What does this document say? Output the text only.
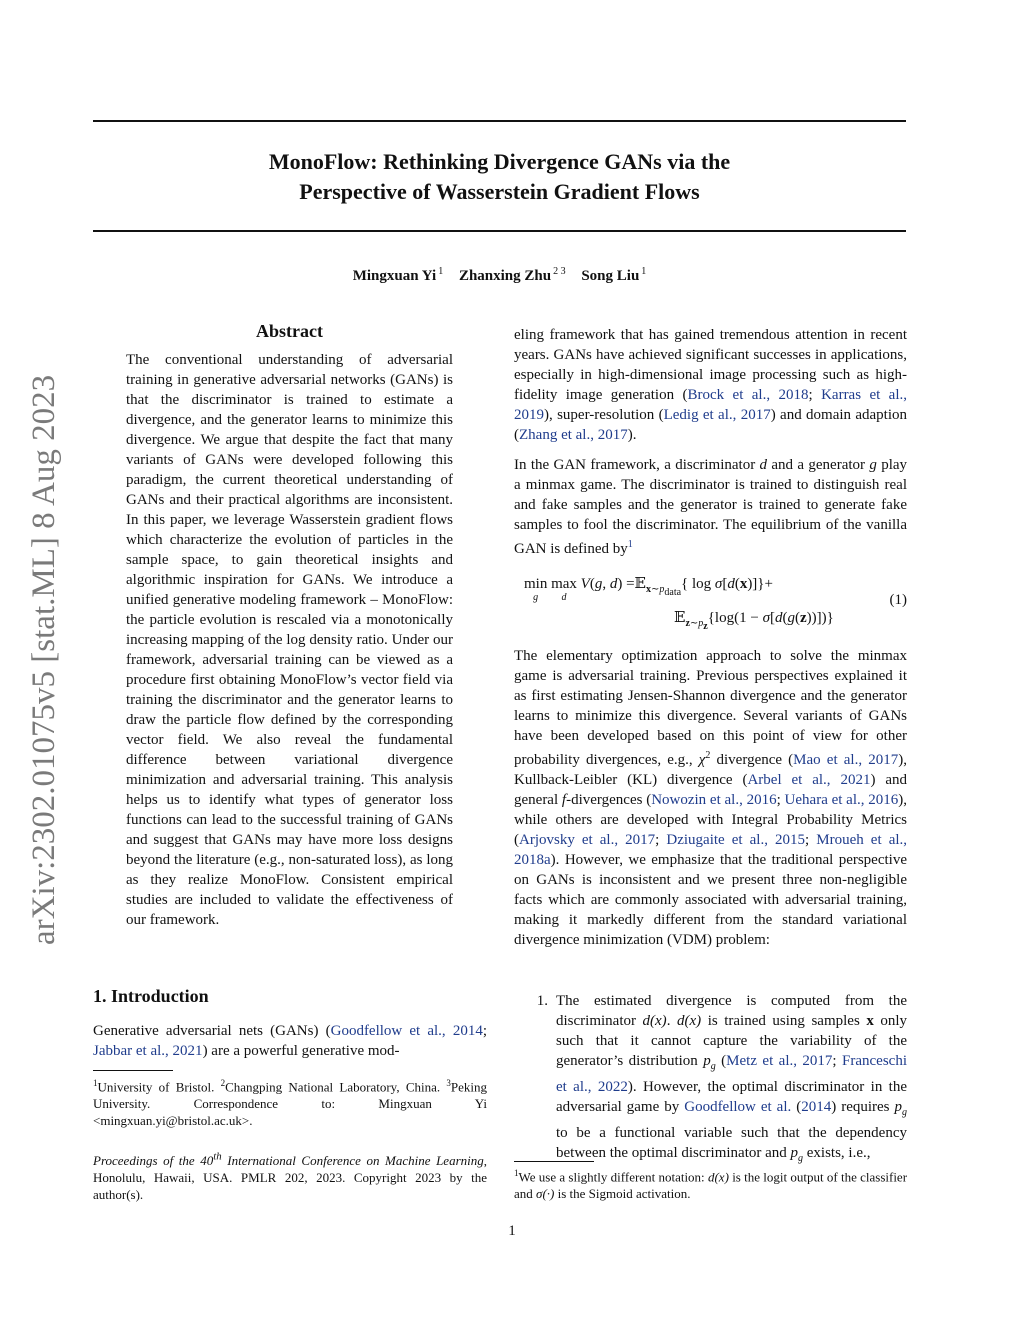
MonoFlow: Rethinking Divergence GANs via the
Perspective of Wasserstein Gradient Flows
Mingxuan Yi $^1$ Zhanxing Zhu $^{2 3}$ Song Liu $^1$
arXiv:2302.01075v5 [stat.ML] 8 Aug 2023
Abstract
The conventional understanding of adversarial training in generative adversarial networks (GANs) is that the discriminator is trained to estimate a divergence, and the generator learns to minimize this divergence. We argue that despite the fact that many variants of GANs were developed following this paradigm, the current theoretical understanding of GANs and their practical algorithms are inconsistent. In this paper, we leverage Wasserstein gradient flows which characterize the evolution of particles in the sample space, to gain theoretical insights and algorithmic inspiration for GANs. We introduce a unified generative modeling framework – MonoFlow: the particle evolution is rescaled via a monotonically increasing mapping of the log density ratio. Under our framework, adversarial training can be viewed as a procedure first obtaining MonoFlow’s vector field via training the discriminator and the generator learns to draw the particle flow defined by the corresponding vector field. We also reveal the fundamental difference between variational divergence minimization and adversarial training. This analysis helps us to identify what types of generator loss functions can lead to the successful training of GANs and suggest that GANs may have more loss designs beyond the literature (e.g., non-saturated loss), as long as they realize MonoFlow. Consistent empirical studies are included to validate the effectiveness of our framework.
1. Introduction
Generative adversarial nets (GANs) (Goodfellow et al., 2014; Jabbar et al., 2021) are a powerful generative mod-
$^1$University of Bristol. $^2$Changping National Laboratory, China. $^3$Peking University. Correspondence to: Mingxuan Yi <mingxuan.yi@bristol.ac.uk>.
Proceedings of the 40th International Conference on Machine Learning, Honolulu, Hawaii, USA. PMLR 202, 2023. Copyright 2023 by the author(s).
eling framework that has gained tremendous attention in recent years. GANs have achieved significant successes in applications, especially in high-dimensional image processing such as high-fidelity image generation (Brock et al., 2018; Karras et al., 2019), super-resolution (Ledig et al., 2017) and domain adaption (Zhang et al., 2017).
In the GAN framework, a discriminator d and a generator g play a minmax game. The discriminator is trained to distinguish real and fake samples and the generator is trained to generate fake samples to fool the discriminator. The equilibrium of the vanilla GAN is defined by$^1$
min
g
max
d
V(g, d) =𝔼$_{x\sim p_{data}}${ log σ[d(x)]}+
𝔼$_{z\sim p_z}${log(1 − σ[d(g(z))])}
(1)
The elementary optimization approach to solve the minmax game is adversarial training. Previous perspectives explained it as first estimating Jensen-Shannon divergence and the generator learns to minimize this divergence. Several variants of GANs have been developed based on this point of view for other probability divergences, e.g., $\chi^2$ divergence (Mao et al., 2017), Kullback-Leibler (KL) divergence (Arbel et al., 2021) and general f-divergences (Nowozin et al., 2016; Uehara et al., 2016), while others are developed with Integral Probability Metrics (Arjovsky et al., 2017; Dziugaite et al., 2015; Mroueh et al., 2018a). However, we emphasize that the traditional perspective on GANs is inconsistent and we present three non-negligible facts which are commonly associated with adversarial training, making it markedly different from the standard variational divergence minimization (VDM) problem:
1. The estimated divergence is computed from the discriminator d(x). d(x) is trained using samples x only such that it cannot capture the variability of the generator’s distribution $p_g$ (Metz et al., 2017; Franceschi et al., 2022). However, the optimal discriminator in the adversarial game by Goodfellow et al. (2014) requires $p_g$ to be a functional variable such that the dependency between the optimal discriminator and $p_g$ exists, i.e.,
$^1$We use a slightly different notation: d(x) is the logit output of the classifier and σ(·) is the Sigmoid activation.
1
